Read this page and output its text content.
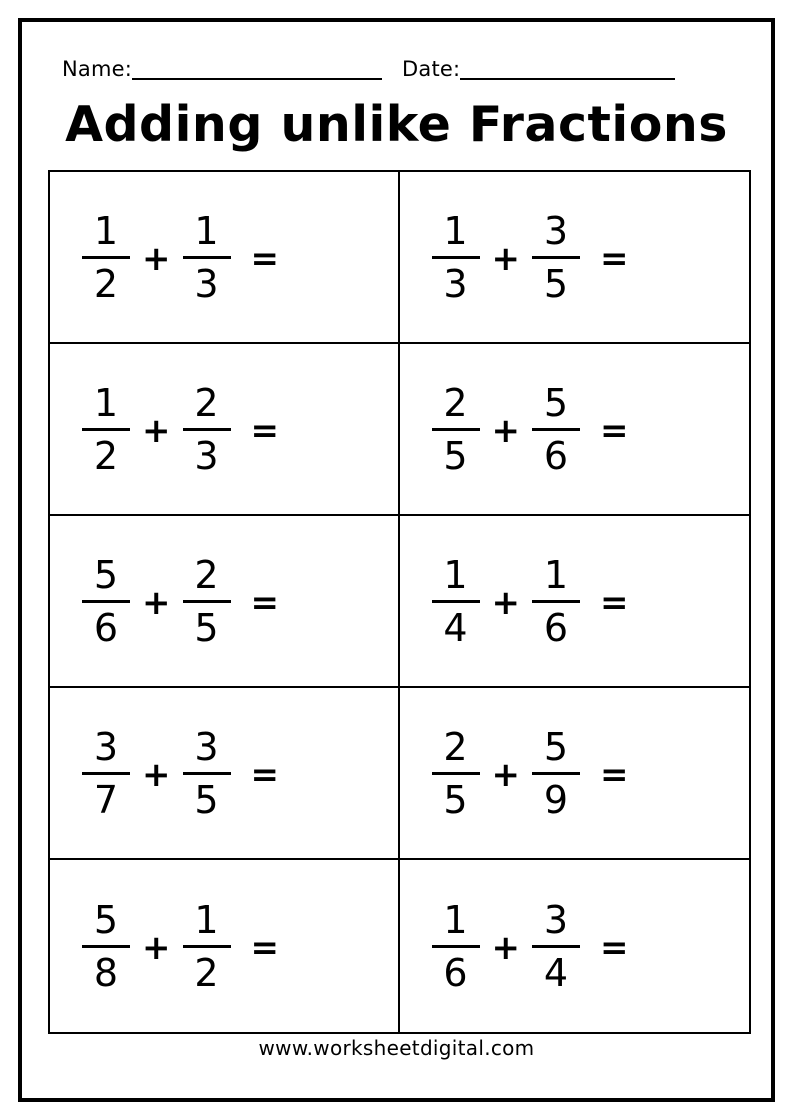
Name:	Date:
Adding unlike Fractions
$\frac{1}{2} + \frac{1}{3}$ =	$\frac{1}{3} + \frac{3}{5}$ =
$\frac{1}{2} + \frac{2}{3}$ =	$\frac{2}{5} + \frac{5}{6}$ =
$\frac{5}{6} + \frac{2}{5}$ =	$\frac{1}{4} + \frac{1}{6}$ =
$\frac{3}{7} + \frac{3}{5}$ =	$\frac{2}{5} + \frac{5}{9}$ =
$\frac{5}{8} + \frac{1}{2}$ =	$\frac{1}{6} + \frac{3}{4}$ =
www.worksheetdigital.com
